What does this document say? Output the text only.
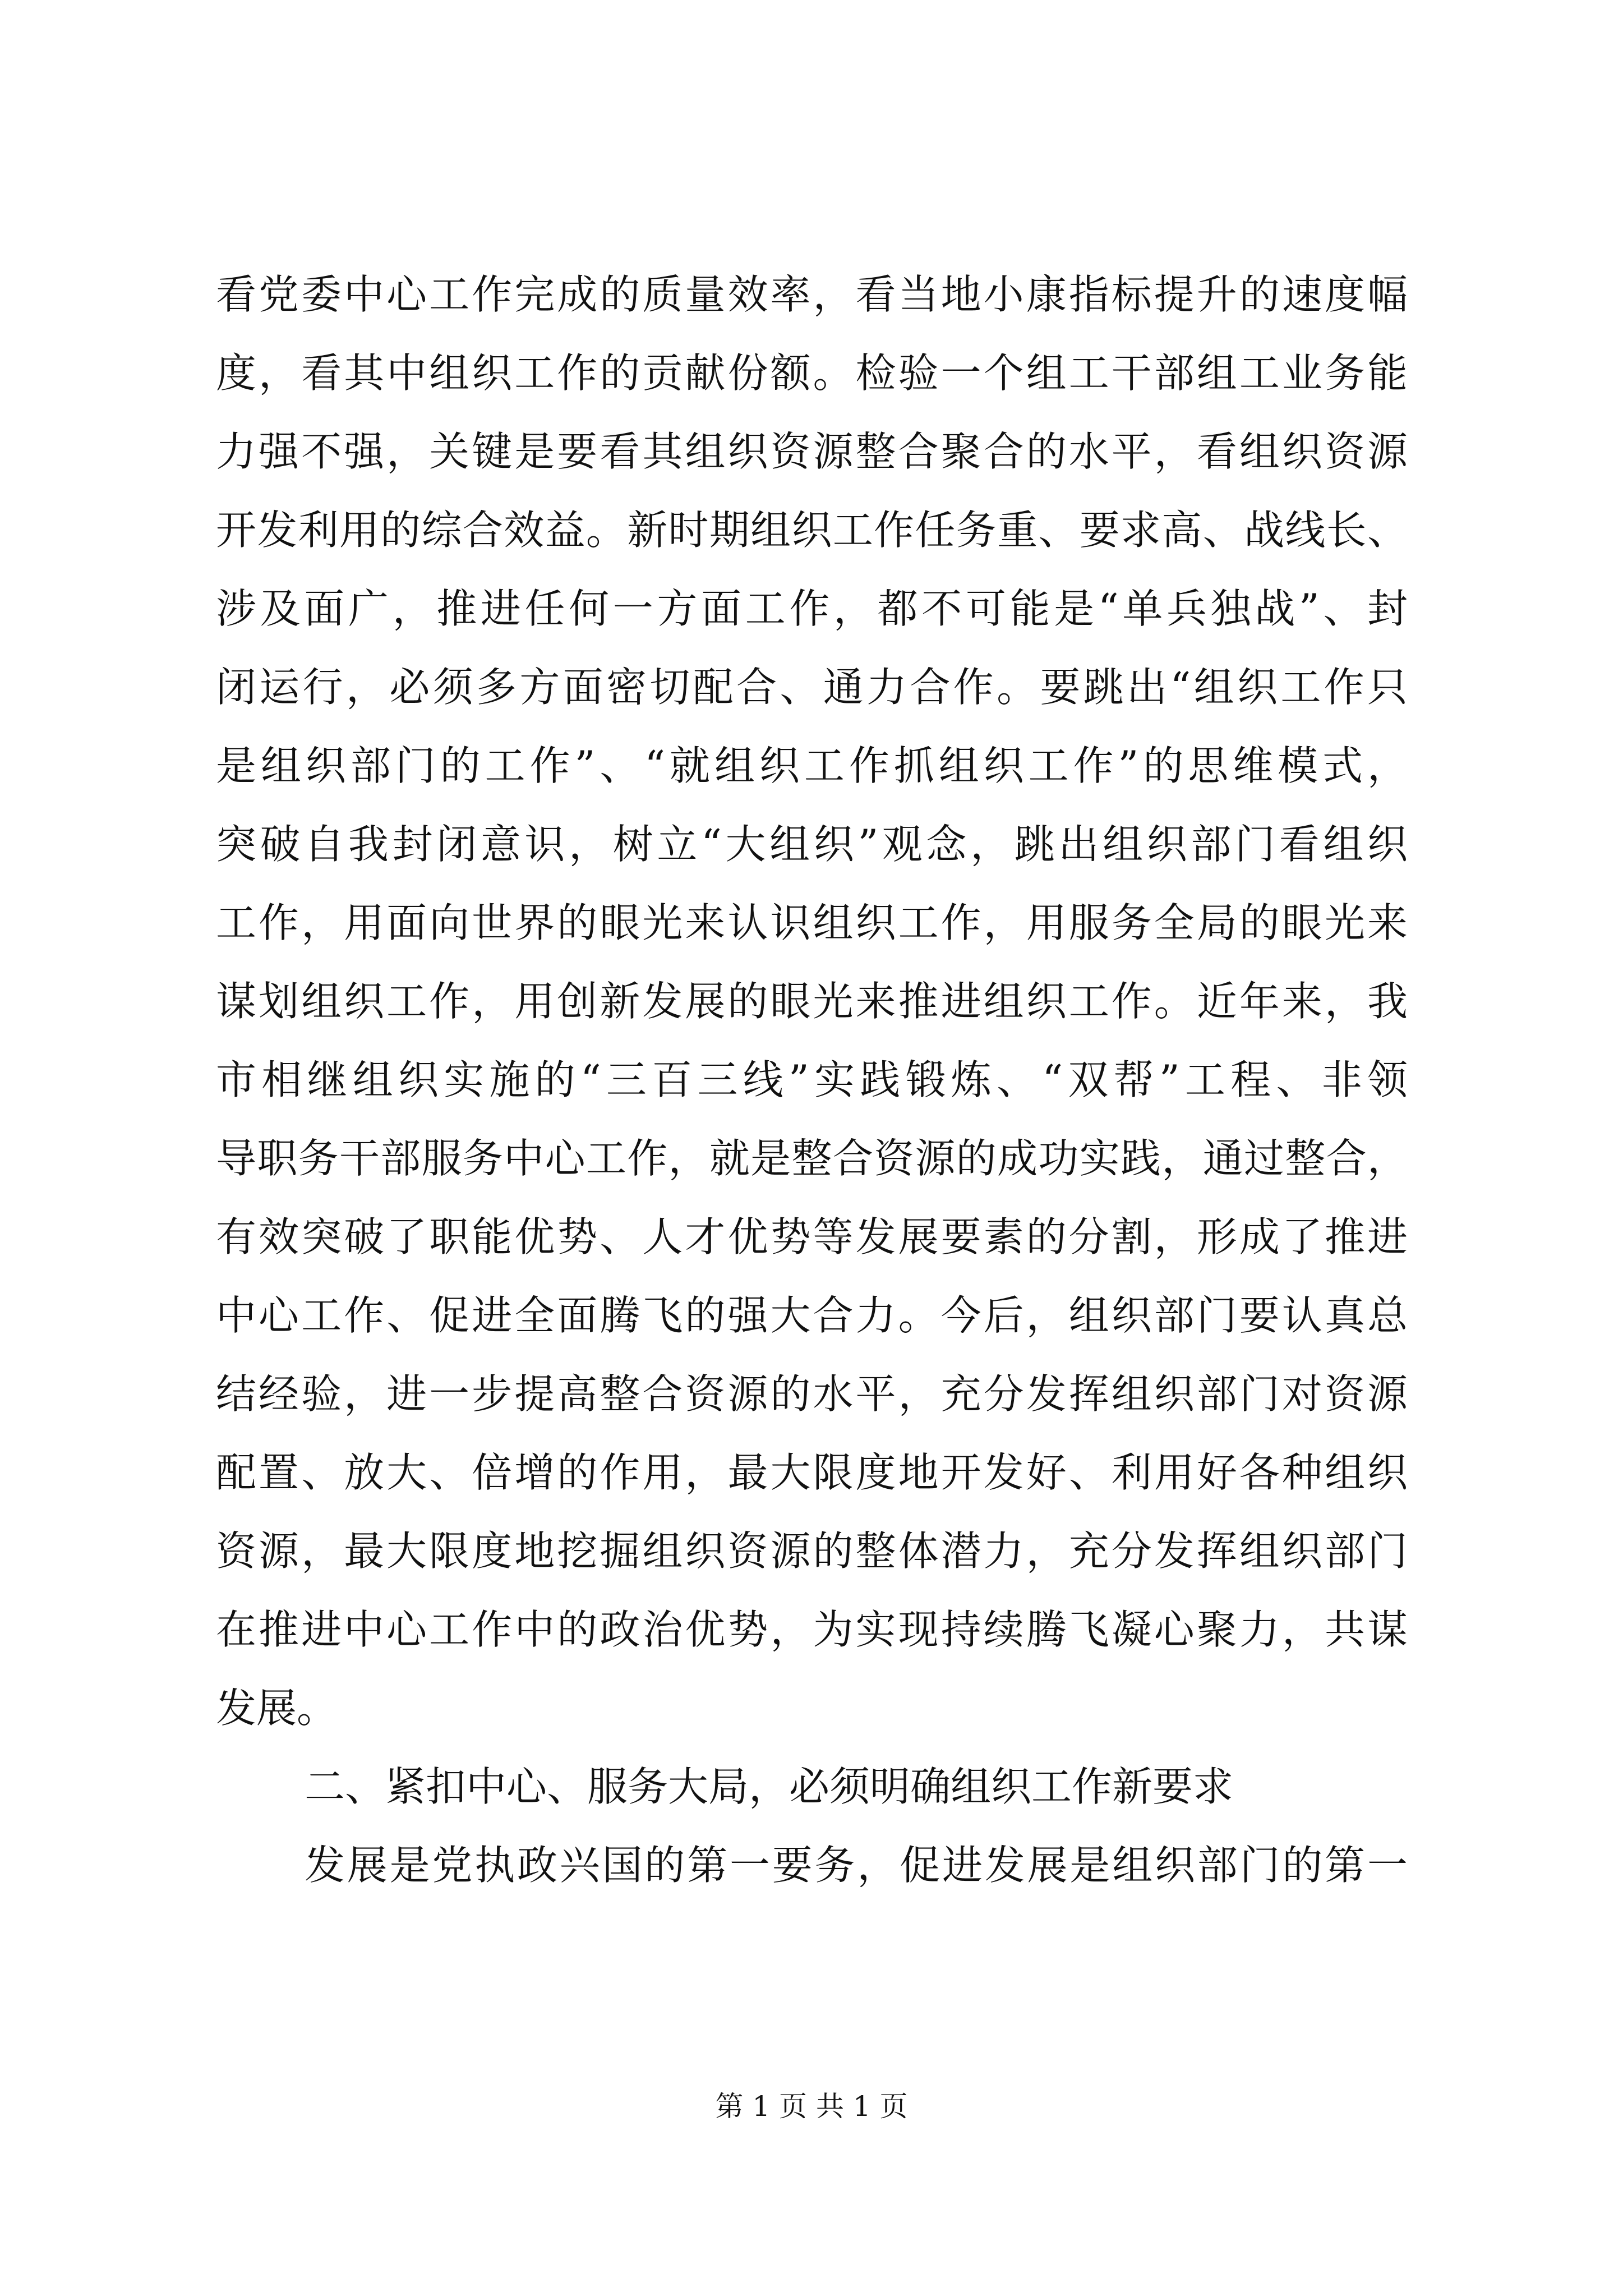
看党委中心工作完成的质量效率，看当地小康指标提升的速度幅
度，看其中组织工作的贡献份额。检验一个组工干部组工业务能
力强不强，关键是要看其组织资源整合聚合的水平，看组织资源
开发利用的综合效益。新时期组织工作任务重、要求高、战线长、
涉及面广，推进任何一方面工作，都不可能是“单兵独战”、封
闭运行，必须多方面密切配合、通力合作。要跳出“组织工作只
是组织部门的工作”、“就组织工作抓组织工作”的思维模式，
突破自我封闭意识，树立“大组织”观念，跳出组织部门看组织
工作，用面向世界的眼光来认识组织工作，用服务全局的眼光来
谋划组织工作，用创新发展的眼光来推进组织工作。近年来，我
市相继组织实施的“三百三线”实践锻炼、“双帮”工程、非领
导职务干部服务中心工作，就是整合资源的成功实践，通过整合，
有效突破了职能优势、人才优势等发展要素的分割，形成了推进
中心工作、促进全面腾飞的强大合力。今后，组织部门要认真总
结经验，进一步提高整合资源的水平，充分发挥组织部门对资源
配置、放大、倍增的作用，最大限度地开发好、利用好各种组织
资源，最大限度地挖掘组织资源的整体潜力，充分发挥组织部门
在推进中心工作中的政治优势，为实现持续腾飞凝心聚力，共谋
发展。
二、紧扣中心、服务大局，必须明确组织工作新要求
发展是党执政兴国的第一要务，促进发展是组织部门的第一
第 1 页 共 1 页
